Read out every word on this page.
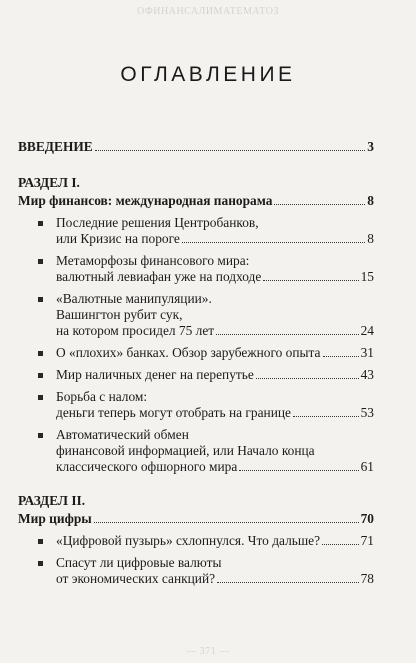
ОФИНАНСАЛИМАТЕМАТОЗ
ОГЛАВЛЕНИЕ
ВВЕДЕНИЕ	3
РАЗДЕЛ I.
Мир финансов: международная панорама	8
Последние решения Центробанков,
или Кризис на пороге	8
Метаморфозы финансового мира:
валютный левиафан уже на подходе	15
«Валютные манипуляции».
Вашингтон рубит сук,
на котором просидел 75 лет	24
О «плохих» банках. Обзор зарубежного опыта	31
Мир наличных денег на перепутье	43
Борьба с налом:
деньги теперь могут отобрать на границе	53
Автоматический обмен
финансовой информацией, или Начало конца
классического офшорного мира	61
РАЗДЕЛ II.
Мир цифры	70
«Цифровой пузырь» схлопнулся. Что дальше?	71
Спасут ли цифровые валюты
от экономических санкций?	78
— 371 —
